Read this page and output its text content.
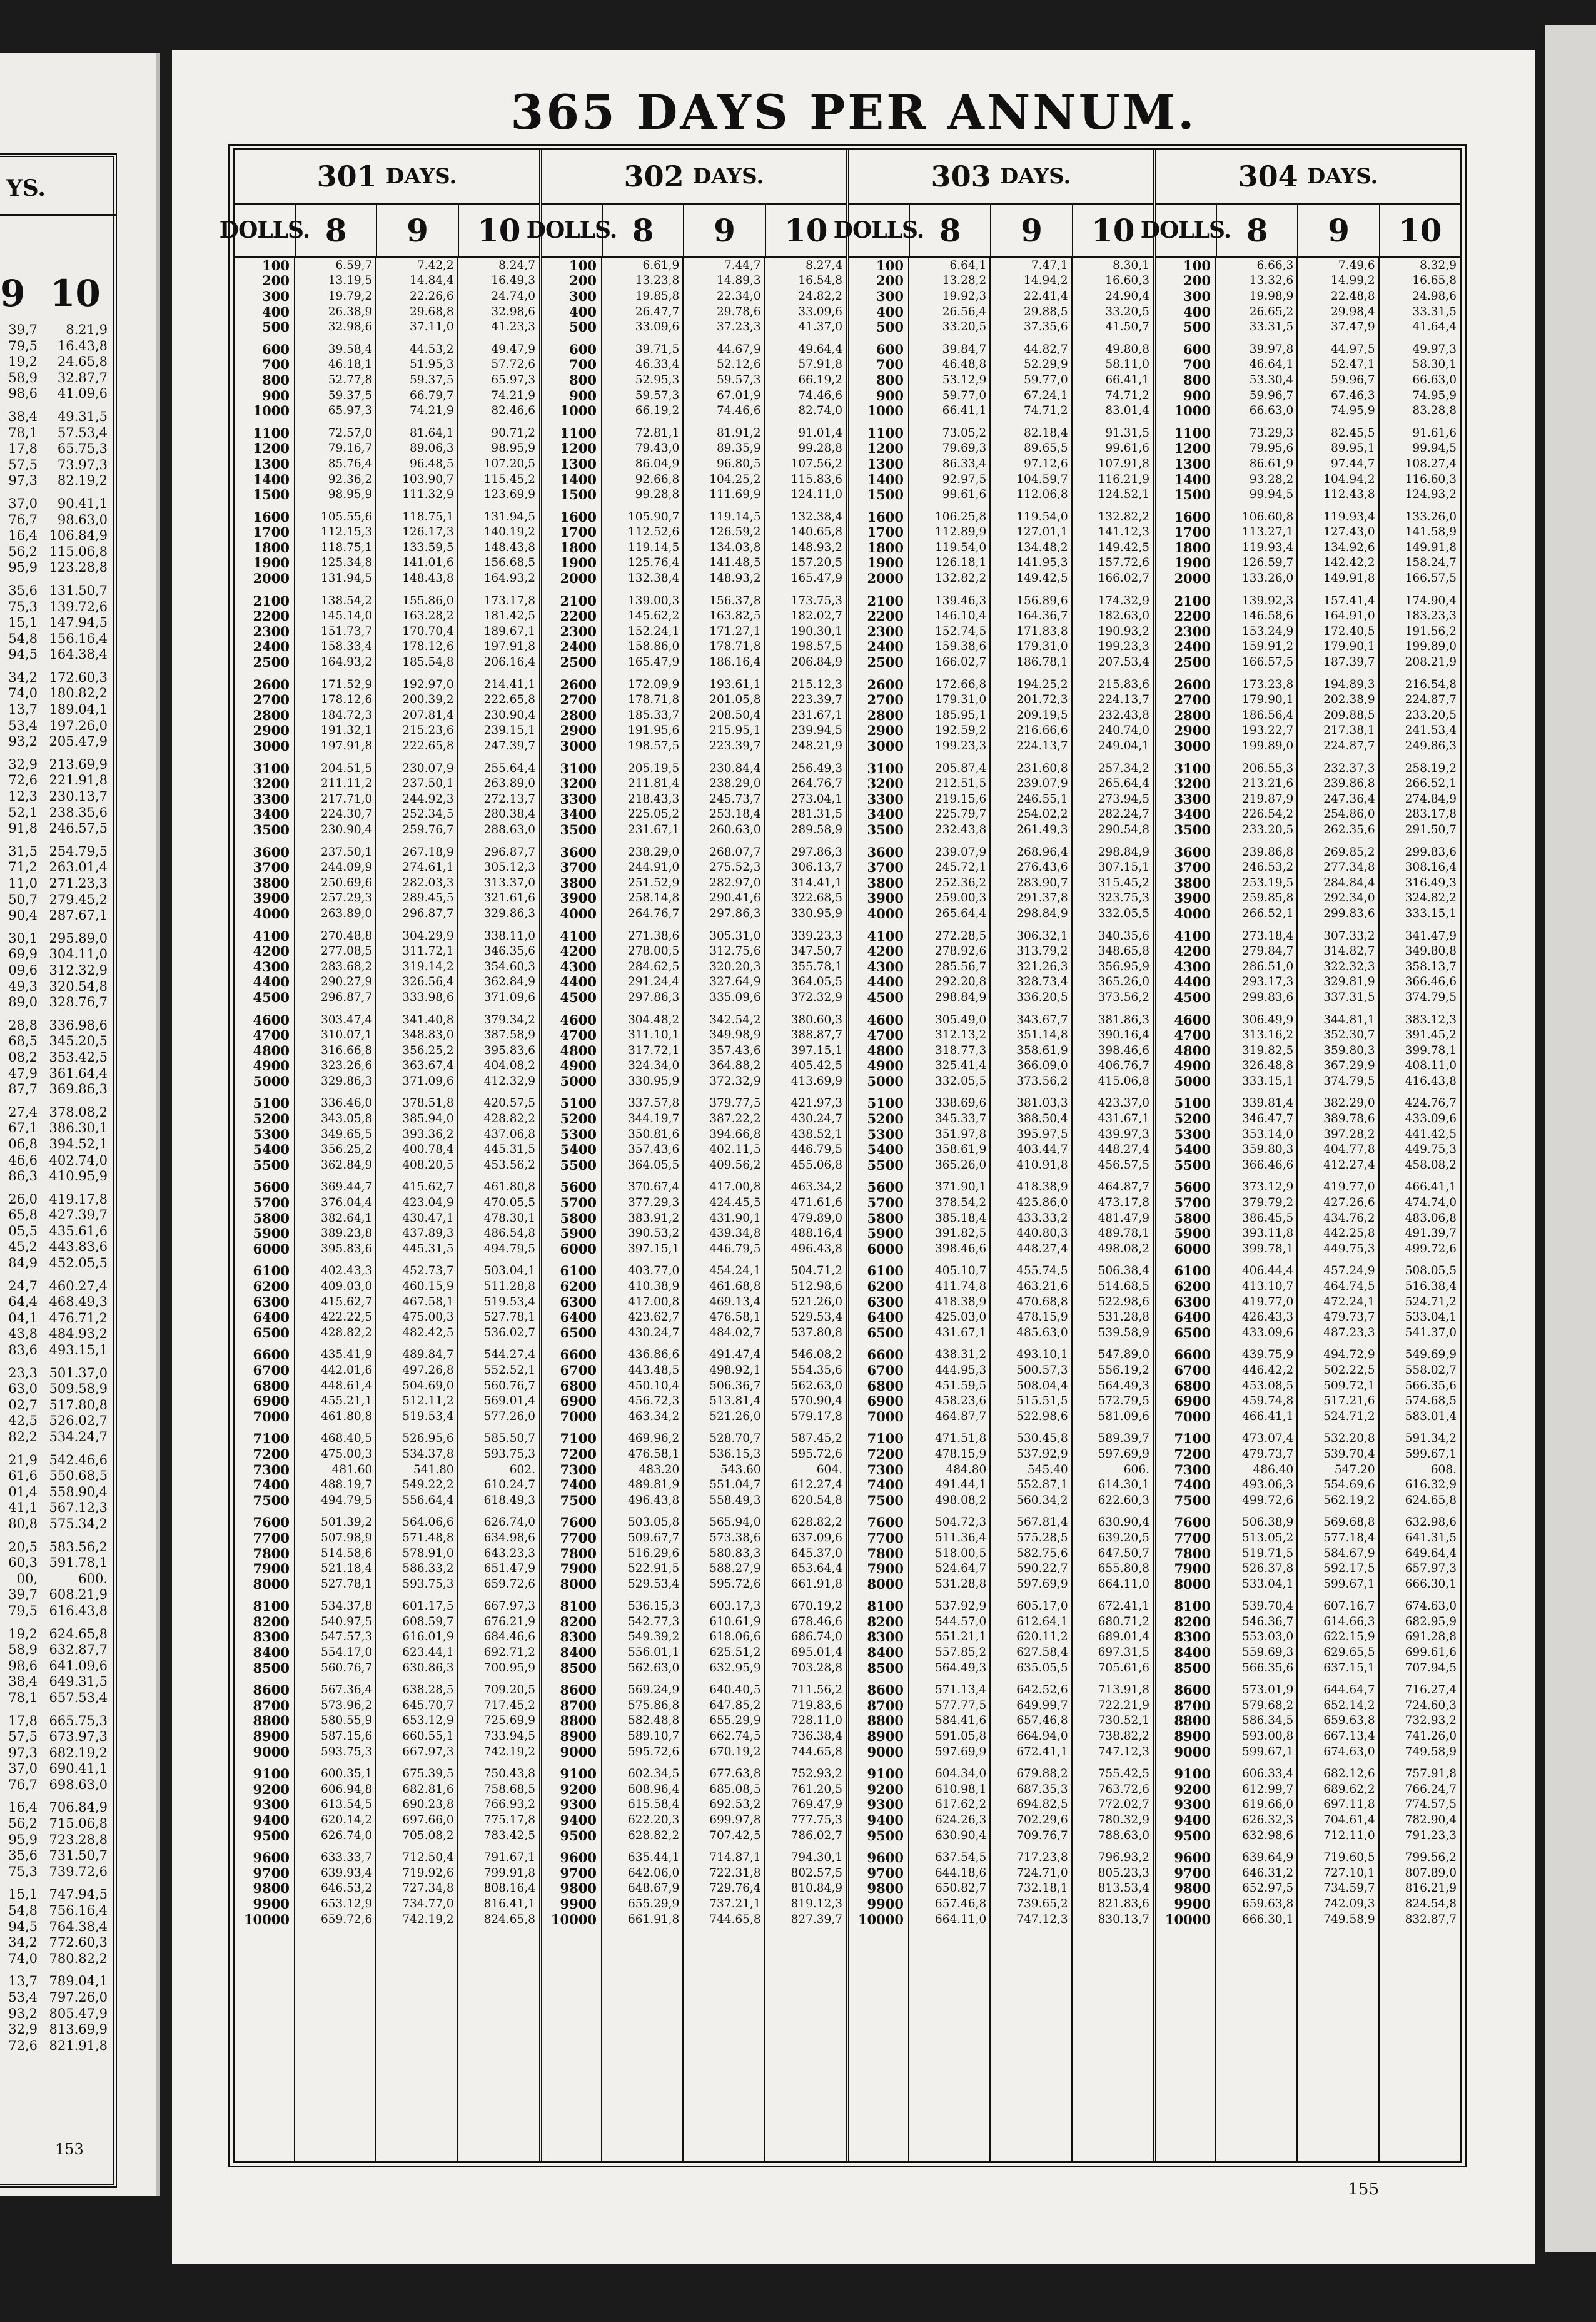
YS.
9 10
39,7 8.21,9
79,5 16.43,8
19,2 24.65,8
58,9 32.87,7
98,6 41.09,6
38,4 49.31,5
78,1 57.53,4
17,8 65.75,3
57,5 73.97,3
97,3 82.19,2
37,0 90.41,1
76,7 98.63,0
16,4 106.84,9
56,2 115.06,8
95,9 123.28,8
35,6 131.50,7
75,3 139.72,6
15,1 147.94,5
54,8 156.16,4
94,5 164.38,4
34,2 172.60,3
74,0 180.82,2
13,7 189.04,1
53,4 197.26,0
93,2 205.47,9
32,9 213.69,9
72,6 221.91,8
12,3 230.13,7
52,1 238.35,6
91,8 246.57,5
31,5 254.79,5
71,2 263.01,4
11,0 271.23,3
50,7 279.45,2
90,4 287.67,1
30,1 295.89,0
69,9 304.11,0
09,6 312.32,9
49,3 320.54,8
89,0 328.76,7
28,8 336.98,6
68,5 345.20,5
08,2 353.42,5
47,9 361.64,4
87,7 369.86,3
27,4 378.08,2
67,1 386.30,1
06,8 394.52,1
46,6 402.74,0
86,3 410.95,9
26,0 419.17,8
65,8 427.39,7
05,5 435.61,6
45,2 443.83,6
84,9 452.05,5
24,7 460.27,4
64,4 468.49,3
04,1 476.71,2
43,8 484.93,2
83,6 493.15,1
23,3 501.37,0
63,0 509.58,9
02,7 517.80,8
42,5 526.02,7
82,2 534.24,7
21,9 542.46,6
61,6 550.68,5
01,4 558.90,4
41,1 567.12,3
80,8 575.34,2
20,5 583.56,2
60,3 591.78,1
00,	600.
39,7 608.21,9
79,5 616.43,8
19,2 624.65,8
58,9 632.87,7
98,6 641.09,6
38,4 649.31,5
78,1 657.53,4
17,8 665.75,3
57,5 673.97,3
97,3 682.19,2
37,0 690.41,1
76,7 698.63,0
16,4 706.84,9
56,2 715.06,8
95,9 723.28,8
35,6 731.50,7
75,3 739.72,6
15,1 747.94,5
54,8 756.16,4
94,5 764.38,4
34,2 772.60,3
74,0 780.82,2
13,7 789.04,1
53,4 797.26,0
93,2 805.47,9
32,9 813.69,9
72,6 821.91,8
153
365 DAYS PER ANNUM.
301 DAYS.
DOLLS. 8	9	10
100	6.59,7	7.42,2	8.24,7
200	13.19,5	14.84,4	16.49,3
300	19.79,2	22.26,6	24.74,0
400	26.38,9	29.68,8	32.98,6
500	32.98,6	37.11,0	41.23,3
600	39.58,4	44.53,2	49.47,9
700	46.18,1	51.95,3	57.72,6
800	52.77,8	59.37,5	65.97,3
900	59.37,5	66.79,7	74.21,9
1000	65.97,3	74.21,9	82.46,6
1100	72.57,0	81.64,1	90.71,2
1200	79.16,7	89.06,3	98.95,9
1300	85.76,4	96.48,5	107.20,5
1400	92.36,2	103.90,7	115.45,2
1500	98.95,9	111.32,9	123.69,9
1600	105.55,6	118.75,1	131.94,5
1700	112.15,3	126.17,3	140.19,2
1800	118.75,1	133.59,5	148.43,8
1900	125.34,8	141.01,6	156.68,5
2000	131.94,5	148.43,8	164.93,2
2100	138.54,2	155.86,0	173.17,8
2200	145.14,0	163.28,2	181.42,5
2300	151.73,7	170.70,4	189.67,1
2400	158.33,4	178.12,6	197.91,8
2500	164.93,2	185.54,8	206.16,4
2600	171.52,9	192.97,0	214.41,1
2700	178.12,6	200.39,2	222.65,8
2800	184.72,3	207.81,4	230.90,4
2900	191.32,1	215.23,6	239.15,1
3000	197.91,8	222.65,8	247.39,7
3100	204.51,5	230.07,9	255.64,4
3200	211.11,2	237.50,1	263.89,0
3300	217.71,0	244.92,3	272.13,7
3400	224.30,7	252.34,5	280.38,4
3500	230.90,4	259.76,7	288.63,0
3600	237.50,1	267.18,9	296.87,7
3700	244.09,9	274.61,1	305.12,3
3800	250.69,6	282.03,3	313.37,0
3900	257.29,3	289.45,5	321.61,6
4000	263.89,0	296.87,7	329.86,3
4100	270.48,8	304.29,9	338.11,0
4200	277.08,5	311.72,1	346.35,6
4300	283.68,2	319.14,2	354.60,3
4400	290.27,9	326.56,4	362.84,9
4500	296.87,7	333.98,6	371.09,6
4600	303.47,4	341.40,8	379.34,2
4700	310.07,1	348.83,0	387.58,9
4800	316.66,8	356.25,2	395.83,6
4900	323.26,6	363.67,4	404.08,2
5000	329.86,3	371.09,6	412.32,9
5100	336.46,0	378.51,8	420.57,5
5200	343.05,8	385.94,0	428.82,2
5300	349.65,5	393.36,2	437.06,8
5400	356.25,2	400.78,4	445.31,5
5500	362.84,9	408.20,5	453.56,2
5600	369.44,7	415.62,7	461.80,8
5700	376.04,4	423.04,9	470.05,5
5800	382.64,1	430.47,1	478.30,1
5900	389.23,8	437.89,3	486.54,8
6000	395.83,6	445.31,5	494.79,5
6100	402.43,3	452.73,7	503.04,1
6200	409.03,0	460.15,9	511.28,8
6300	415.62,7	467.58,1	519.53,4
6400	422.22,5	475.00,3	527.78,1
6500	428.82,2	482.42,5	536.02,7
6600	435.41,9	489.84,7	544.27,4
6700	442.01,6	497.26,8	552.52,1
6800	448.61,4	504.69,0	560.76,7
6900	455.21,1	512.11,2	569.01,4
7000	461.80,8	519.53,4	577.26,0
7100	468.40,5	526.95,6	585.50,7
7200	475.00,3	534.37,8	593.75,3
7300	481.60	541.80	602.
7400	488.19,7	549.22,2	610.24,7
7500	494.79,5	556.64,4	618.49,3
7600	501.39,2	564.06,6	626.74,0
7700	507.98,9	571.48,8	634.98,6
7800	514.58,6	578.91,0	643.23,3
7900	521.18,4	586.33,2	651.47,9
8000	527.78,1	593.75,3	659.72,6
8100	534.37,8	601.17,5	667.97,3
8200	540.97,5	608.59,7	676.21,9
8300	547.57,3	616.01,9	684.46,6
8400	554.17,0	623.44,1	692.71,2
8500	560.76,7	630.86,3	700.95,9
8600	567.36,4	638.28,5	709.20,5
8700	573.96,2	645.70,7	717.45,2
8800	580.55,9	653.12,9	725.69,9
8900	587.15,6	660.55,1	733.94,5
9000	593.75,3	667.97,3	742.19,2
9100	600.35,1	675.39,5	750.43,8
9200	606.94,8	682.81,6	758.68,5
9300	613.54,5	690.23,8	766.93,2
9400	620.14,2	697.66,0	775.17,8
9500	626.74,0	705.08,2	783.42,5
9600	633.33,7	712.50,4	791.67,1
9700	639.93,4	719.92,6	799.91,8
9800	646.53,2	727.34,8	808.16,4
9900	653.12,9	734.77,0	816.41,1
10000	659.72,6	742.19,2	824.65,8
302 DAYS.
DOLLS. 8	9	10
100	6.61,9	7.44,7	8.27,4
200	13.23,8	14.89,3	16.54,8
300	19.85,8	22.34,0	24.82,2
400	26.47,7	29.78,6	33.09,6
500	33.09,6	37.23,3	41.37,0
600	39.71,5	44.67,9	49.64,4
700	46.33,4	52.12,6	57.91,8
800	52.95,3	59.57,3	66.19,2
900	59.57,3	67.01,9	74.46,6
1000	66.19,2	74.46,6	82.74,0
1100	72.81,1	81.91,2	91.01,4
1200	79.43,0	89.35,9	99.28,8
1300	86.04,9	96.80,5	107.56,2
1400	92.66,8	104.25,2	115.83,6
1500	99.28,8	111.69,9	124.11,0
1600	105.90,7	119.14,5	132.38,4
1700	112.52,6	126.59,2	140.65,8
1800	119.14,5	134.03,8	148.93,2
1900	125.76,4	141.48,5	157.20,5
2000	132.38,4	148.93,2	165.47,9
2100	139.00,3	156.37,8	173.75,3
2200	145.62,2	163.82,5	182.02,7
2300	152.24,1	171.27,1	190.30,1
2400	158.86,0	178.71,8	198.57,5
2500	165.47,9	186.16,4	206.84,9
2600	172.09,9	193.61,1	215.12,3
2700	178.71,8	201.05,8	223.39,7
2800	185.33,7	208.50,4	231.67,1
2900	191.95,6	215.95,1	239.94,5
3000	198.57,5	223.39,7	248.21,9
3100	205.19,5	230.84,4	256.49,3
3200	211.81,4	238.29,0	264.76,7
3300	218.43,3	245.73,7	273.04,1
3400	225.05,2	253.18,4	281.31,5
3500	231.67,1	260.63,0	289.58,9
3600	238.29,0	268.07,7	297.86,3
3700	244.91,0	275.52,3	306.13,7
3800	251.52,9	282.97,0	314.41,1
3900	258.14,8	290.41,6	322.68,5
4000	264.76,7	297.86,3	330.95,9
4100	271.38,6	305.31,0	339.23,3
4200	278.00,5	312.75,6	347.50,7
4300	284.62,5	320.20,3	355.78,1
4400	291.24,4	327.64,9	364.05,5
4500	297.86,3	335.09,6	372.32,9
4600	304.48,2	342.54,2	380.60,3
4700	311.10,1	349.98,9	388.87,7
4800	317.72,1	357.43,6	397.15,1
4900	324.34,0	364.88,2	405.42,5
5000	330.95,9	372.32,9	413.69,9
5100	337.57,8	379.77,5	421.97,3
5200	344.19,7	387.22,2	430.24,7
5300	350.81,6	394.66,8	438.52,1
5400	357.43,6	402.11,5	446.79,5
5500	364.05,5	409.56,2	455.06,8
5600	370.67,4	417.00,8	463.34,2
5700	377.29,3	424.45,5	471.61,6
5800	383.91,2	431.90,1	479.89,0
5900	390.53,2	439.34,8	488.16,4
6000	397.15,1	446.79,5	496.43,8
6100	403.77,0	454.24,1	504.71,2
6200	410.38,9	461.68,8	512.98,6
6300	417.00,8	469.13,4	521.26,0
6400	423.62,7	476.58,1	529.53,4
6500	430.24,7	484.02,7	537.80,8
6600	436.86,6	491.47,4	546.08,2
6700	443.48,5	498.92,1	554.35,6
6800	450.10,4	506.36,7	562.63,0
6900	456.72,3	513.81,4	570.90,4
7000	463.34,2	521.26,0	579.17,8
7100	469.96,2	528.70,7	587.45,2
7200	476.58,1	536.15,3	595.72,6
7300	483.20	543.60	604.
7400	489.81,9	551.04,7	612.27,4
7500	496.43,8	558.49,3	620.54,8
7600	503.05,8	565.94,0	628.82,2
7700	509.67,7	573.38,6	637.09,6
7800	516.29,6	580.83,3	645.37,0
7900	522.91,5	588.27,9	653.64,4
8000	529.53,4	595.72,6	661.91,8
8100	536.15,3	603.17,3	670.19,2
8200	542.77,3	610.61,9	678.46,6
8300	549.39,2	618.06,6	686.74,0
8400	556.01,1	625.51,2	695.01,4
8500	562.63,0	632.95,9	703.28,8
8600	569.24,9	640.40,5	711.56,2
8700	575.86,8	647.85,2	719.83,6
8800	582.48,8	655.29,9	728.11,0
8900	589.10,7	662.74,5	736.38,4
9000	595.72,6	670.19,2	744.65,8
9100	602.34,5	677.63,8	752.93,2
9200	608.96,4	685.08,5	761.20,5
9300	615.58,4	692.53,2	769.47,9
9400	622.20,3	699.97,8	777.75,3
9500	628.82,2	707.42,5	786.02,7
9600	635.44,1	714.87,1	794.30,1
9700	642.06,0	722.31,8	802.57,5
9800	648.67,9	729.76,4	810.84,9
9900	655.29,9	737.21,1	819.12,3
10000	661.91,8	744.65,8	827.39,7
303 DAYS.
DOLLS. 8	9	10
100	6.64,1	7.47,1	8.30,1
200	13.28,2	14.94,2	16.60,3
300	19.92,3	22.41,4	24.90,4
400	26.56,4	29.88,5	33.20,5
500	33.20,5	37.35,6	41.50,7
600	39.84,7	44.82,7	49.80,8
700	46.48,8	52.29,9	58.11,0
800	53.12,9	59.77,0	66.41,1
900	59.77,0	67.24,1	74.71,2
1000	66.41,1	74.71,2	83.01,4
1100	73.05,2	82.18,4	91.31,5
1200	79.69,3	89.65,5	99.61,6
1300	86.33,4	97.12,6	107.91,8
1400	92.97,5	104.59,7	116.21,9
1500	99.61,6	112.06,8	124.52,1
1600	106.25,8	119.54,0	132.82,2
1700	112.89,9	127.01,1	141.12,3
1800	119.54,0	134.48,2	149.42,5
1900	126.18,1	141.95,3	157.72,6
2000	132.82,2	149.42,5	166.02,7
2100	139.46,3	156.89,6	174.32,9
2200	146.10,4	164.36,7	182.63,0
2300	152.74,5	171.83,8	190.93,2
2400	159.38,6	179.31,0	199.23,3
2500	166.02,7	186.78,1	207.53,4
2600	172.66,8	194.25,2	215.83,6
2700	179.31,0	201.72,3	224.13,7
2800	185.95,1	209.19,5	232.43,8
2900	192.59,2	216.66,6	240.74,0
3000	199.23,3	224.13,7	249.04,1
3100	205.87,4	231.60,8	257.34,2
3200	212.51,5	239.07,9	265.64,4
3300	219.15,6	246.55,1	273.94,5
3400	225.79,7	254.02,2	282.24,7
3500	232.43,8	261.49,3	290.54,8
3600	239.07,9	268.96,4	298.84,9
3700	245.72,1	276.43,6	307.15,1
3800	252.36,2	283.90,7	315.45,2
3900	259.00,3	291.37,8	323.75,3
4000	265.64,4	298.84,9	332.05,5
4100	272.28,5	306.32,1	340.35,6
4200	278.92,6	313.79,2	348.65,8
4300	285.56,7	321.26,3	356.95,9
4400	292.20,8	328.73,4	365.26,0
4500	298.84,9	336.20,5	373.56,2
4600	305.49,0	343.67,7	381.86,3
4700	312.13,2	351.14,8	390.16,4
4800	318.77,3	358.61,9	398.46,6
4900	325.41,4	366.09,0	406.76,7
5000	332.05,5	373.56,2	415.06,8
5100	338.69,6	381.03,3	423.37,0
5200	345.33,7	388.50,4	431.67,1
5300	351.97,8	395.97,5	439.97,3
5400	358.61,9	403.44,7	448.27,4
5500	365.26,0	410.91,8	456.57,5
5600	371.90,1	418.38,9	464.87,7
5700	378.54,2	425.86,0	473.17,8
5800	385.18,4	433.33,2	481.47,9
5900	391.82,5	440.80,3	489.78,1
6000	398.46,6	448.27,4	498.08,2
6100	405.10,7	455.74,5	506.38,4
6200	411.74,8	463.21,6	514.68,5
6300	418.38,9	470.68,8	522.98,6
6400	425.03,0	478.15,9	531.28,8
6500	431.67,1	485.63,0	539.58,9
6600	438.31,2	493.10,1	547.89,0
6700	444.95,3	500.57,3	556.19,2
6800	451.59,5	508.04,4	564.49,3
6900	458.23,6	515.51,5	572.79,5
7000	464.87,7	522.98,6	581.09,6
7100	471.51,8	530.45,8	589.39,7
7200	478.15,9	537.92,9	597.69,9
7300	484.80	545.40	606.
7400	491.44,1	552.87,1	614.30,1
7500	498.08,2	560.34,2	622.60,3
7600	504.72,3	567.81,4	630.90,4
7700	511.36,4	575.28,5	639.20,5
7800	518.00,5	582.75,6	647.50,7
7900	524.64,7	590.22,7	655.80,8
8000	531.28,8	597.69,9	664.11,0
8100	537.92,9	605.17,0	672.41,1
8200	544.57,0	612.64,1	680.71,2
8300	551.21,1	620.11,2	689.01,4
8400	557.85,2	627.58,4	697.31,5
8500	564.49,3	635.05,5	705.61,6
8600	571.13,4	642.52,6	713.91,8
8700	577.77,5	649.99,7	722.21,9
8800	584.41,6	657.46,8	730.52,1
8900	591.05,8	664.94,0	738.82,2
9000	597.69,9	672.41,1	747.12,3
9100	604.34,0	679.88,2	755.42,5
9200	610.98,1	687.35,3	763.72,6
9300	617.62,2	694.82,5	772.02,7
9400	624.26,3	702.29,6	780.32,9
9500	630.90,4	709.76,7	788.63,0
9600	637.54,5	717.23,8	796.93,2
9700	644.18,6	724.71,0	805.23,3
9800	650.82,7	732.18,1	813.53,4
9900	657.46,8	739.65,2	821.83,6
10000	664.11,0	747.12,3	830.13,7
304 DAYS.
DOLLS. 8	9	10
100	6.66,3	7.49,6	8.32,9
200	13.32,6	14.99,2	16.65,8
300	19.98,9	22.48,8	24.98,6
400	26.65,2	29.98,4	33.31,5
500	33.31,5	37.47,9	41.64,4
600	39.97,8	44.97,5	49.97,3
700	46.64,1	52.47,1	58.30,1
800	53.30,4	59.96,7	66.63,0
900	59.96,7	67.46,3	74.95,9
1000	66.63,0	74.95,9	83.28,8
1100	73.29,3	82.45,5	91.61,6
1200	79.95,6	89.95,1	99.94,5
1300	86.61,9	97.44,7	108.27,4
1400	93.28,2	104.94,2	116.60,3
1500	99.94,5	112.43,8	124.93,2
1600	106.60,8	119.93,4	133.26,0
1700	113.27,1	127.43,0	141.58,9
1800	119.93,4	134.92,6	149.91,8
1900	126.59,7	142.42,2	158.24,7
2000	133.26,0	149.91,8	166.57,5
2100	139.92,3	157.41,4	174.90,4
2200	146.58,6	164.91,0	183.23,3
2300	153.24,9	172.40,5	191.56,2
2400	159.91,2	179.90,1	199.89,0
2500	166.57,5	187.39,7	208.21,9
2600	173.23,8	194.89,3	216.54,8
2700	179.90,1	202.38,9	224.87,7
2800	186.56,4	209.88,5	233.20,5
2900	193.22,7	217.38,1	241.53,4
3000	199.89,0	224.87,7	249.86,3
3100	206.55,3	232.37,3	258.19,2
3200	213.21,6	239.86,8	266.52,1
3300	219.87,9	247.36,4	274.84,9
3400	226.54,2	254.86,0	283.17,8
3500	233.20,5	262.35,6	291.50,7
3600	239.86,8	269.85,2	299.83,6
3700	246.53,2	277.34,8	308.16,4
3800	253.19,5	284.84,4	316.49,3
3900	259.85,8	292.34,0	324.82,2
4000	266.52,1	299.83,6	333.15,1
4100	273.18,4	307.33,2	341.47,9
4200	279.84,7	314.82,7	349.80,8
4300	286.51,0	322.32,3	358.13,7
4400	293.17,3	329.81,9	366.46,6
4500	299.83,6	337.31,5	374.79,5
4600	306.49,9	344.81,1	383.12,3
4700	313.16,2	352.30,7	391.45,2
4800	319.82,5	359.80,3	399.78,1
4900	326.48,8	367.29,9	408.11,0
5000	333.15,1	374.79,5	416.43,8
5100	339.81,4	382.29,0	424.76,7
5200	346.47,7	389.78,6	433.09,6
5300	353.14,0	397.28,2	441.42,5
5400	359.80,3	404.77,8	449.75,3
5500	366.46,6	412.27,4	458.08,2
5600	373.12,9	419.77,0	466.41,1
5700	379.79,2	427.26,6	474.74,0
5800	386.45,5	434.76,2	483.06,8
5900	393.11,8	442.25,8	491.39,7
6000	399.78,1	449.75,3	499.72,6
6100	406.44,4	457.24,9	508.05,5
6200	413.10,7	464.74,5	516.38,4
6300	419.77,0	472.24,1	524.71,2
6400	426.43,3	479.73,7	533.04,1
6500	433.09,6	487.23,3	541.37,0
6600	439.75,9	494.72,9	549.69,9
6700	446.42,2	502.22,5	558.02,7
6800	453.08,5	509.72,1	566.35,6
6900	459.74,8	517.21,6	574.68,5
7000	466.41,1	524.71,2	583.01,4
7100	473.07,4	532.20,8	591.34,2
7200	479.73,7	539.70,4	599.67,1
7300	486.40	547.20	608.
7400	493.06,3	554.69,6	616.32,9
7500	499.72,6	562.19,2	624.65,8
7600	506.38,9	569.68,8	632.98,6
7700	513.05,2	577.18,4	641.31,5
7800	519.71,5	584.67,9	649.64,4
7900	526.37,8	592.17,5	657.97,3
8000	533.04,1	599.67,1	666.30,1
8100	539.70,4	607.16,7	674.63,0
8200	546.36,7	614.66,3	682.95,9
8300	553.03,0	622.15,9	691.28,8
8400	559.69,3	629.65,5	699.61,6
8500	566.35,6	637.15,1	707.94,5
8600	573.01,9	644.64,7	716.27,4
8700	579.68,2	652.14,2	724.60,3
8800	586.34,5	659.63,8	732.93,2
8900	593.00,8	667.13,4	741.26,0
9000	599.67,1	674.63,0	749.58,9
9100	606.33,4	682.12,6	757.91,8
9200	612.99,7	689.62,2	766.24,7
9300	619.66,0	697.11,8	774.57,5
9400	626.32,3	704.61,4	782.90,4
9500	632.98,6	712.11,0	791.23,3
9600	639.64,9	719.60,5	799.56,2
9700	646.31,2	727.10,1	807.89,0
9800	652.97,5	734.59,7	816.21,9
9900	659.63,8	742.09,3	824.54,8
10000	666.30,1	749.58,9	832.87,7
155
